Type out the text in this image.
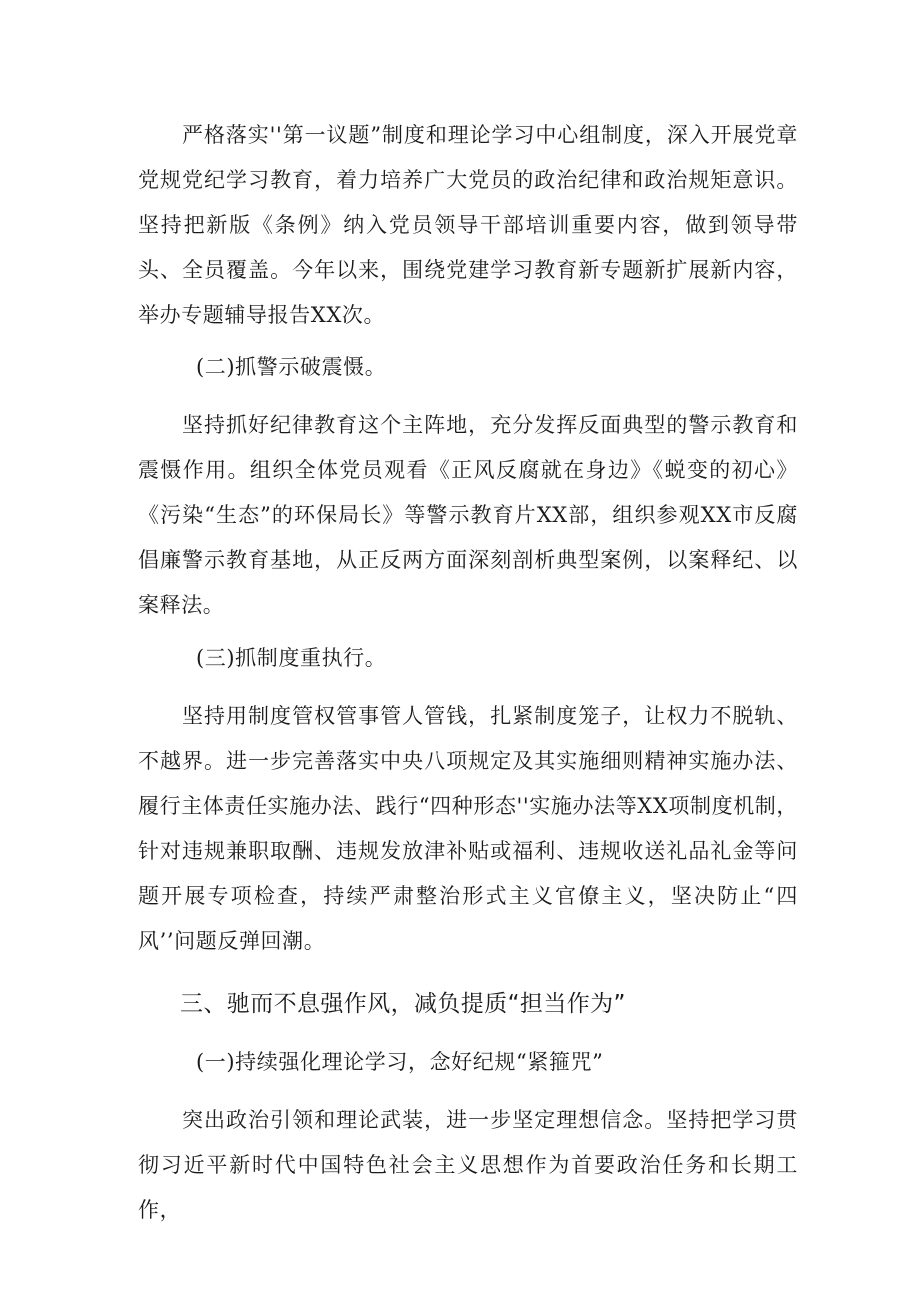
严格落实''第一议题”制度和理论学习中心组制度，深入开展党章党规党纪学习教育，着力培养广大党员的政治纪律和政治规矩意识。坚持把新版《条例》纳入党员领导干部培训重要内容，做到领导带头、全员覆盖。今年以来，围绕党建学习教育新专题新扩展新内容，举办专题辅导报告XX次。

(二)抓警示破震慑。

坚持抓好纪律教育这个主阵地，充分发挥反面典型的警示教育和震慑作用。组织全体党员观看《正风反腐就在身边》《蜕变的初心》《污染“生态”的环保局长》等警示教育片XX部，组织参观XX市反腐倡廉警示教育基地，从正反两方面深刻剖析典型案例，以案释纪、以案释法。

(三)抓制度重执行。

坚持用制度管权管事管人管钱，扎紧制度笼子，让权力不脱轨、不越界。进一步完善落实中央八项规定及其实施细则精神实施办法、履行主体责任实施办法、践行“四种形态''实施办法等XX项制度机制，针对违规兼职取酬、违规发放津补贴或福利、违规收送礼品礼金等问题开展专项检查，持续严肃整治形式主义官僚主义，坚决防止“四风’’问题反弹回潮。

三、驰而不息强作风，减负提质“担当作为”

(一)持续强化理论学习，念好纪规“紧箍咒”

突出政治引领和理论武装，进一步坚定理想信念。坚持把学习贯彻习近平新时代中国特色社会主义思想作为首要政治任务和长期工作，
